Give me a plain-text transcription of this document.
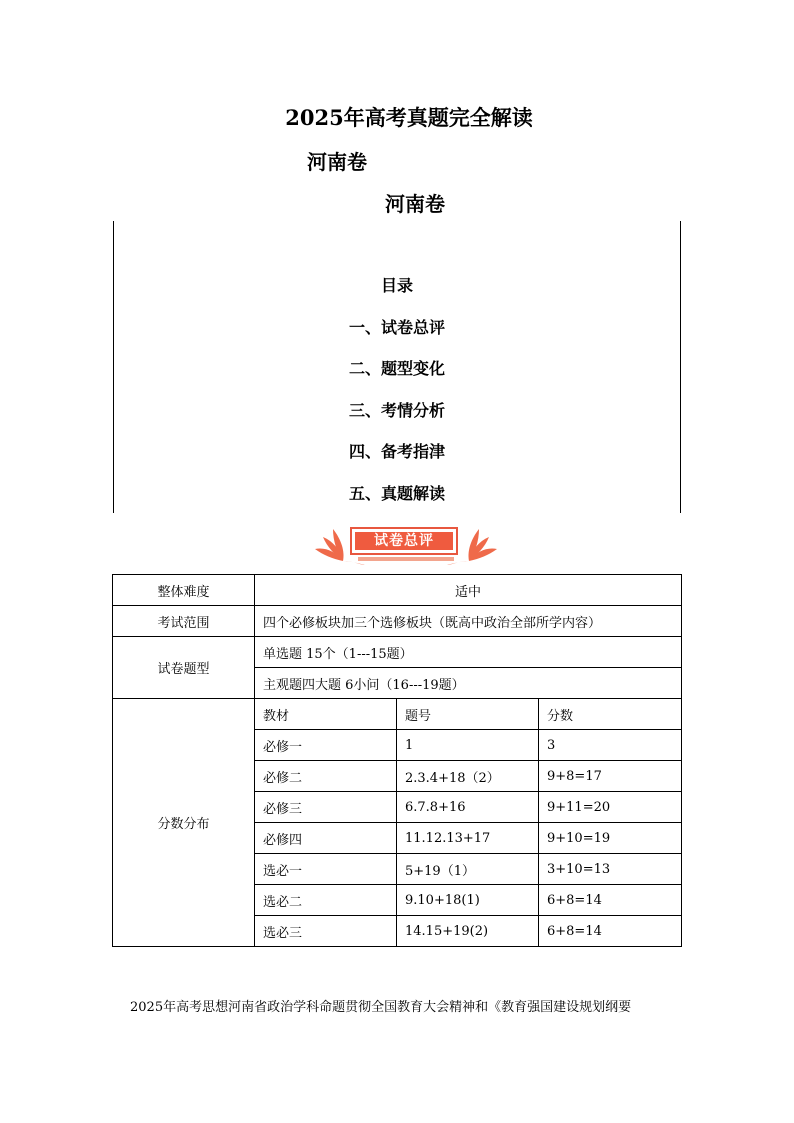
2025年高考真题完全解读
河南卷
河南卷
目录
一、试卷总评
二、题型变化
三、考情分析
四、备考指津
五、真题解读
试卷总评
整体难度	适中		
考试范围	四个必修板块加三个选修板块（既高中政治全部所学内容）		
试卷题型	单选题 15个（1---15题）		
	主观题四大题 6小问（16---19题）		
分数分布	教材	题号	分数
	必修一	1	3
	必修二	2.3.4+18（2）	9+8=17
	必修三	6.7.8+16	9+11=20
	必修四	11.12.13+17	9+10=19
	选必一	5+19（1）	3+10=13
	选必二	9.10+18(1)	6+8=14
	选必三	14.15+19(2)	6+8=14
2025年高考思想河南省政治学科命题贯彻全国教育大会精神和《教育强国建设规划纲要
